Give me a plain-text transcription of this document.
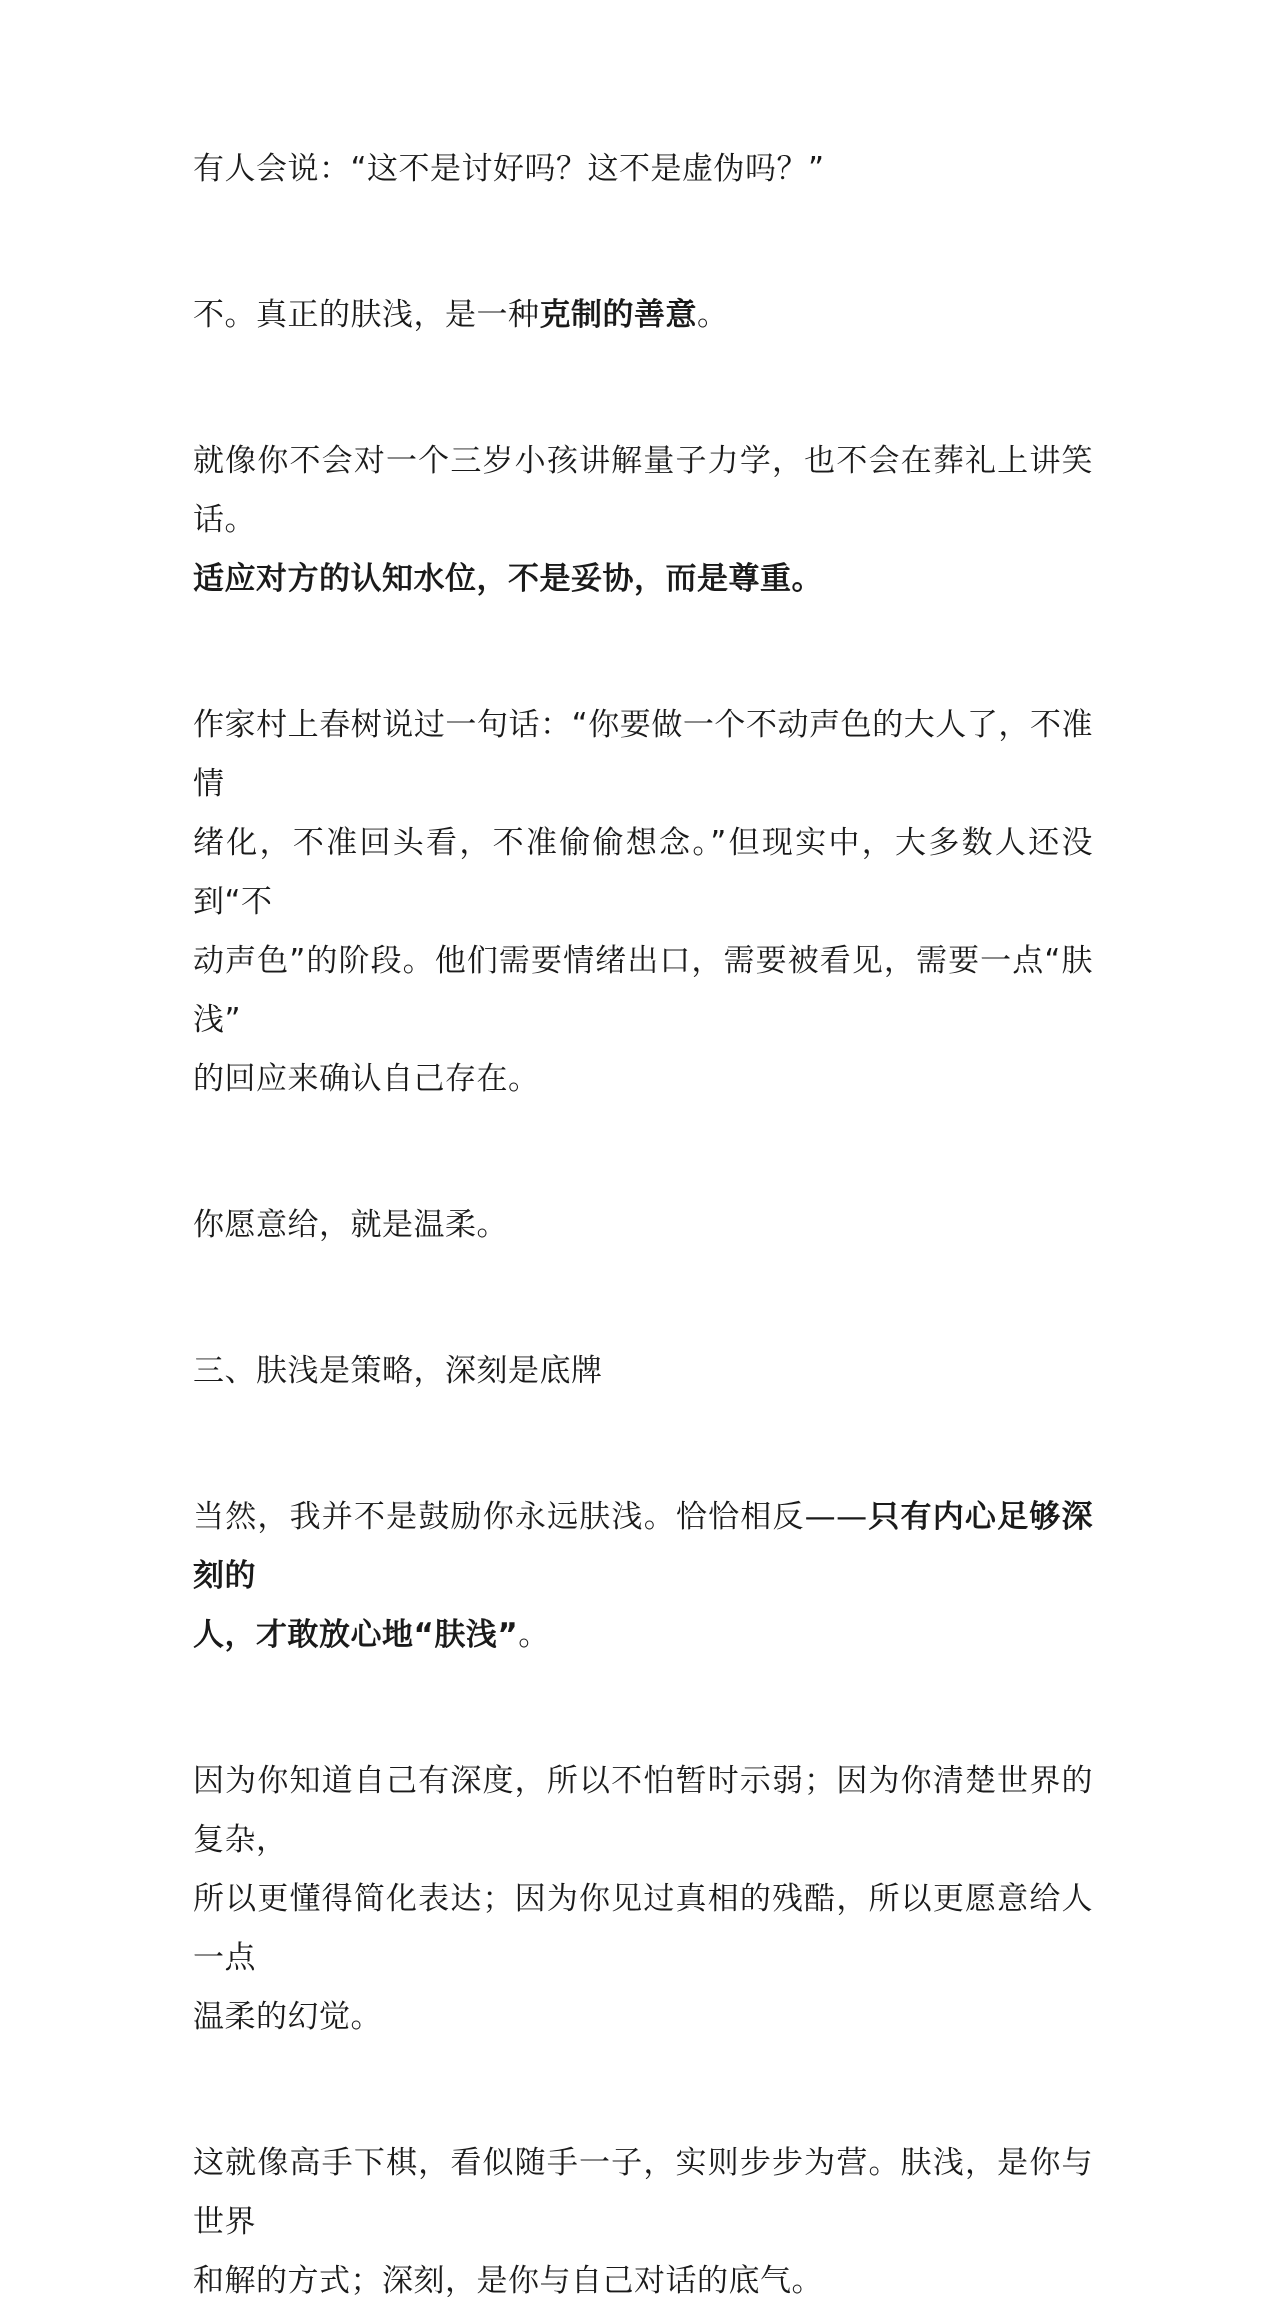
有人会说：“这不是讨好吗？这不是虚伪吗？”
不。真正的肤浅，是一种克制的善意。
就像你不会对一个三岁小孩讲解量子力学，也不会在葬礼上讲笑话。
适应对方的认知水位，不是妥协，而是尊重。
作家村上春树说过一句话：“你要做一个不动声色的大人了，不准情
绪化，不准回头看，不准偷偷想念。”但现实中，大多数人还没到“不
动声色”的阶段。他们需要情绪出口，需要被看见，需要一点“肤浅”
的回应来确认自己存在。
你愿意给，就是温柔。
三、肤浅是策略，深刻是底牌
当然，我并不是鼓励你永远肤浅。恰恰相反——只有内心足够深刻的
人，才敢放心地“肤浅”。
因为你知道自己有深度，所以不怕暂时示弱；因为你清楚世界的复杂，
所以更懂得简化表达；因为你见过真相的残酷，所以更愿意给人一点
温柔的幻觉。
这就像高手下棋，看似随手一子，实则步步为营。肤浅，是你与世界
和解的方式；深刻，是你与自己对话的底气。
